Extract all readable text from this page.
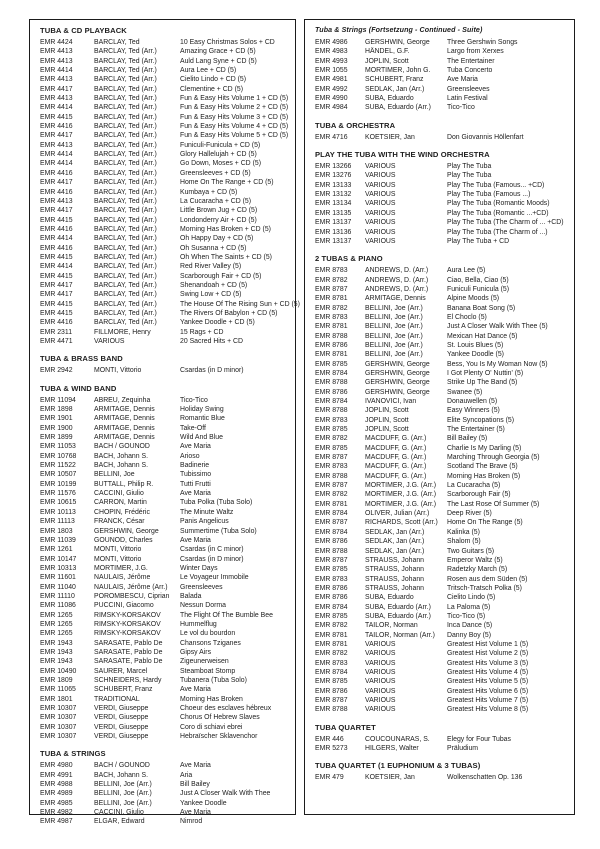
TUBA & CD PLAYBACK
EMR 4424	BARCLAY, Ted	10 Easy Christmas Solos + CD
EMR 4413	BARCLAY, Ted (Arr.)	Amazing Grace + CD (5)
EMR 4413	BARCLAY, Ted (Arr.)	Auld Lang Syne + CD (5)
EMR 4414	BARCLAY, Ted (Arr.)	Aura Lee + CD (5)
EMR 4413	BARCLAY, Ted (Arr.)	Cielito Lindo + CD (5)
EMR 4417	BARCLAY, Ted (Arr.)	Clementine + CD (5)
EMR 4413	BARCLAY, Ted (Arr.)	Fun & Easy Hits Volume 1 + CD (5)
EMR 4414	BARCLAY, Ted (Arr.)	Fun & Easy Hits Volume 2 + CD (5)
EMR 4415	BARCLAY, Ted (Arr.)	Fun & Easy Hits Volume 3 + CD (5)
EMR 4416	BARCLAY, Ted (Arr.)	Fun & Easy Hits Volume 4 + CD (5)
EMR 4417	BARCLAY, Ted (Arr.)	Fun & Easy Hits Volume 5 + CD (5)
EMR 4413	BARCLAY, Ted (Arr.)	Funiculi-Funicula + CD (5)
EMR 4414	BARCLAY, Ted (Arr.)	Glory Hallelujah + CD (5)
EMR 4414	BARCLAY, Ted (Arr.)	Go Down, Moses + CD (5)
EMR 4416	BARCLAY, Ted (Arr.)	Greensleeves + CD (5)
EMR 4417	BARCLAY, Ted (Arr.)	Home On The Range + CD (5)
EMR 4416	BARCLAY, Ted (Arr.)	Kumbaya + CD (5)
EMR 4413	BARCLAY, Ted (Arr.)	La Cucaracha + CD (5)
EMR 4417	BARCLAY, Ted (Arr.)	Little Brown Jug + CD (5)
EMR 4415	BARCLAY, Ted (Arr.)	Londonderry Air + CD (5)
EMR 4416	BARCLAY, Ted (Arr.)	Morning Has Broken + CD (5)
EMR 4414	BARCLAY, Ted (Arr.)	Oh Happy Day + CD (5)
EMR 4416	BARCLAY, Ted (Arr.)	Oh Susanna + CD (5)
EMR 4415	BARCLAY, Ted (Arr.)	Oh When The Saints + CD (5)
EMR 4414	BARCLAY, Ted (Arr.)	Red River Valley (5)
EMR 4415	BARCLAY, Ted (Arr.)	Scarborough Fair + CD (5)
EMR 4417	BARCLAY, Ted (Arr.)	Shenandoah + CD (5)
EMR 4417	BARCLAY, Ted (Arr.)	Swing Low + CD (5)
EMR 4415	BARCLAY, Ted (Arr.)	The House Of The Rising Sun + CD (5)
EMR 4415	BARCLAY, Ted (Arr.)	The Rivers Of Babylon + CD (5)
EMR 4416	BARCLAY, Ted (Arr.)	Yankee Doodle + CD (5)
EMR 2311	FILLMORE, Henry	15 Rags + CD
EMR 4471	VARIOUS	20 Sacred Hits + CD
TUBA & BRASS BAND
EMR 2942	MONTI, Vittorio	Csardas (in D minor)
TUBA & WIND BAND
EMR 11094	ABREU, Zequinha	Tico-Tico
EMR 1898	ARMITAGE, Dennis	Holiday Swing
EMR 1901	ARMITAGE, Dennis	Romantic Blue
EMR 1900	ARMITAGE, Dennis	Take-Off
EMR 1899	ARMITAGE, Dennis	Wild And Blue
EMR 11053	BACH / GOUNOD	Ave Maria
EMR 10768	BACH, Johann S.	Arioso
EMR 11522	BACH, Johann S.	Badinerie
EMR 10507	BELLINI, Joe	Tubissimo
EMR 10199	BUTTALL, Philip R.	Tutti Frutti
EMR 11576	CACCINI, Giulio	Ave Maria
EMR 10615	CARRON, Martin	Tuba Polka (Tuba Solo)
EMR 10113	CHOPIN, Frédéric	The Minute Waltz
EMR 11113	FRANCK, César	Panis Angelicus
EMR 1803	GERSHWIN, George	Summertime (Tuba Solo)
EMR 11039	GOUNOD, Charles	Ave Maria
EMR 1261	MONTI, Vittorio	Csardas (in C minor)
EMR 10147	MONTI, Vittorio	Csardas (in D minor)
EMR 10313	MORTIMER, J.G.	Winter Days
EMR 11601	NAULAIS, Jérôme	Le Voyageur Immobile
EMR 11040	NAULAIS, Jérôme (Arr.)	Greensleeves
EMR 11110	POROMBESCU, Ciprian	Balada
EMR 11086	PUCCINI, Giacomo	Nessun Dorma
EMR 1265	RIMSKY-KORSAKOV	The Flight Of The Bumble Bee
EMR 1265	RIMSKY-KORSAKOV	Hummelflug
EMR 1265	RIMSKY-KORSAKOV	Le vol du bourdon
EMR 1943	SARASATE, Pablo De	Chansons Tziganes
EMR 1943	SARASATE, Pablo De	Gipsy Airs
EMR 1943	SARASATE, Pablo De	Zigeunerweisen
EMR 10490	SAURER, Marcel	Steamboat Stomp
EMR 1809	SCHNEIDERS, Hardy	Tubanera (Tuba Solo)
EMR 11065	SCHUBERT, Franz	Ave Maria
EMR 1801	TRADITIONAL	Morning Has Broken
EMR 10307	VERDI, Giuseppe	Choeur des esclaves hébreux
EMR 10307	VERDI, Giuseppe	Chorus Of Hebrew Slaves
EMR 10307	VERDI, Giuseppe	Coro di schiavi ebrei
EMR 10307	VERDI, Giuseppe	Hebraïscher Sklavenchor
TUBA & STRINGS
EMR 4980	BACH / GOUNOD	Ave Maria
EMR 4991	BACH, Johann S.	Aria
EMR 4988	BELLINI, Joe (Arr.)	Bill Bailey
EMR 4989	BELLINI, Joe (Arr.)	Just A Closer Walk With Thee
EMR 4985	BELLINI, Joe (Arr.)	Yankee Doodle
EMR 4982	CACCINI, Giulio	Ave Maria
EMR 4987	ELGAR, Edward	Nimrod
Tuba & Strings (Fortsetzung - Continued - Suite)
EMR 4986	GERSHWIN, George	Three Gershwin Songs
EMR 4983	HÄNDEL, G.F.	Largo from Xerxes
EMR 4993	JOPLIN, Scott	The Entertainer
EMR 1055	MORTIMER, John G.	Tuba Concerto
EMR 4981	SCHUBERT, Franz	Ave Maria
EMR 4992	SEDLAK, Jan (Arr.)	Greensleeves
EMR 4990	SUBA, Eduardo	Latin Festival
EMR 4984	SUBA, Eduardo (Arr.)	Tico-Tico
TUBA & ORCHESTRA
EMR 4716	KOETSIER, Jan	Don Giovannis Höllenfart
PLAY THE TUBA WITH THE WIND ORCHESTRA
EMR 13266	VARIOUS	Play The Tuba
EMR 13276	VARIOUS	Play The Tuba
EMR 13133	VARIOUS	Play The Tuba (Famous... +CD)
EMR 13132	VARIOUS	Play The Tuba (Famous ...)
EMR 13134	VARIOUS	Play The Tuba (Romantic Moods)
EMR 13135	VARIOUS	Play The Tuba (Romantic ...+CD)
EMR 13137	VARIOUS	Play The Tuba (The Charm of ... +CD)
EMR 13136	VARIOUS	Play The Tuba (The Charm of ...)
EMR 13137	VARIOUS	Play The Tuba + CD
2 TUBAS & PIANO
EMR 8783	ANDREWS, D. (Arr.)	Aura Lee (5)
EMR 8782	ANDREWS, D. (Arr.)	Ciao, Bella, Ciao (5)
EMR 8787	ANDREWS, D. (Arr.)	Funiculi Funicula (5)
EMR 8781	ARMITAGE, Dennis	Alpine Moods (5)
EMR 8782	BELLINI, Joe (Arr.)	Banana Boat Song (5)
EMR 8783	BELLINI, Joe (Arr.)	El Choclo (5)
EMR 8781	BELLINI, Joe (Arr.)	Just A Closer Walk With Thee (5)
EMR 8788	BELLINI, Joe (Arr.)	Mexican Hat Dance (5)
EMR 8786	BELLINI, Joe (Arr.)	St. Louis Blues (5)
EMR 8781	BELLINI, Joe (Arr.)	Yankee Doodle (5)
EMR 8785	GERSHWIN, George	Bess, You Is My Woman Now (5)
EMR 8784	GERSHWIN, George	I Got Plenty O' Nuttin' (5)
EMR 8788	GERSHWIN, George	Strike Up The Band (5)
EMR 8786	GERSHWIN, George	Swanee (5)
EMR 8784	IVANOVICI, Ivan	Donauwellen (5)
EMR 8788	JOPLIN, Scott	Easy Winners (5)
EMR 8783	JOPLIN, Scott	Elite Syncopations (5)
EMR 8785	JOPLIN, Scott	The Entertainer (5)
EMR 8782	MACDUFF, G. (Arr.)	Bill Bailey (5)
EMR 8785	MACDUFF, G. (Arr.)	Charlie Is My Darling (5)
EMR 8787	MACDUFF, G. (Arr.)	Marching Through Georgia (5)
EMR 8783	MACDUFF, G. (Arr.)	Scotland The Brave (5)
EMR 8788	MACDUFF, G. (Arr.)	Morning Has Broken (5)
EMR 8787	MORTIMER, J.G. (Arr.)	La Cucaracha (5)
EMR 8782	MORTIMER, J.G. (Arr.)	Scarborough Fair (5)
EMR 8781	MORTIMER, J.G. (Arr.)	The Last Rose Of Summer (5)
EMR 8784	OLIVER, Julian (Arr.)	Deep River (5)
EMR 8787	RICHARDS, Scott (Arr.)	Home On The Range (5)
EMR 8784	SEDLAK, Jan (Arr.)	Kalinka (5)
EMR 8786	SEDLAK, Jan (Arr.)	Shalom (5)
EMR 8788	SEDLAK, Jan (Arr.)	Two Guitars (5)
EMR 8787	STRAUSS, Johann	Emperor Waltz (5)
EMR 8785	STRAUSS, Johann	Radetzky March (5)
EMR 8783	STRAUSS, Johann	Rosen aus dem Süden (5)
EMR 8786	STRAUSS, Johann	Tritsch-Tratsch Polka (5)
EMR 8786	SUBA, Eduardo	Cielito Lindo (5)
EMR 8784	SUBA, Eduardo (Arr.)	La Paloma (5)
EMR 8785	SUBA, Eduardo (Arr.)	Tico-Tico (5)
EMR 8782	TAILOR, Norman	Inca Dance (5)
EMR 8781	TAILOR, Norman (Arr.)	Danny Boy (5)
EMR 8781	VARIOUS	Greatest Hist Volume 1 (5)
EMR 8782	VARIOUS	Greatest Hist Volume 2 (5)
EMR 8783	VARIOUS	Greatest Hits Volume 3 (5)
EMR 8784	VARIOUS	Greatest Hits Volume 4 (5)
EMR 8785	VARIOUS	Greatest Hits Volume 5 (5)
EMR 8786	VARIOUS	Greatest Hits Volume 6 (5)
EMR 8787	VARIOUS	Greatest Hits Volume 7 (5)
EMR 8788	VARIOUS	Greatest Hits Volume 8 (5)
TUBA QUARTET
EMR 446	COUCOUNARAS, S.	Elegy for Four Tubas
EMR 5273	HILGERS, Walter	Präludium
TUBA QUARTET (1 EUPHONIUM & 3 TUBAS)
EMR 479	KOETSIER, Jan	Wolkenschatten Op. 136
